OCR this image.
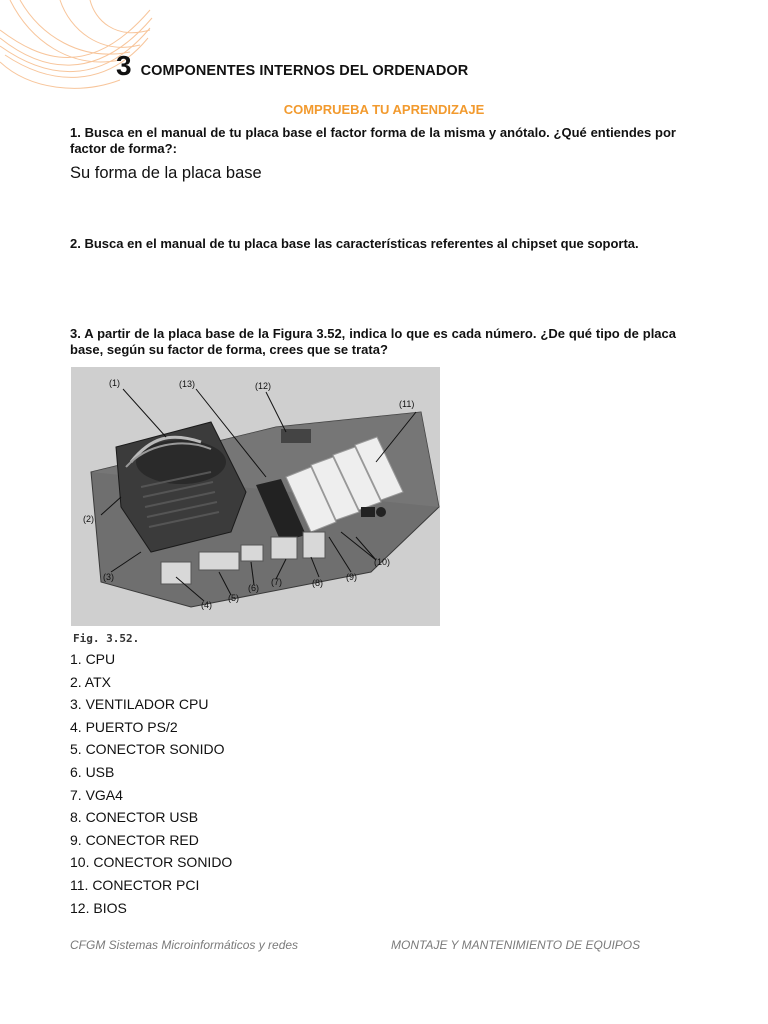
3 COMPONENTES INTERNOS DEL ORDENADOR
COMPRUEBA TU APRENDIZAJE
1. Busca en el manual de tu placa base el factor forma de la misma y anótalo. ¿Qué entiendes por factor de forma?:
Su forma de la placa base
2. Busca en el manual de tu placa base las características referentes al chipset que soporta.
3. A partir de la placa base de la Figura 3.52, indica lo que es cada número. ¿De qué tipo de placa base, según su factor de forma, crees que se trata?
(1)	(13)	(12)
(11)
(2)
(3)
(4)
(5)
(6)
(7)	(8)
(9)
(10)
Fig. 3.52.
1. CPU
2. ATX
3. VENTILADOR CPU
4. PUERTO PS/2
5. CONECTOR SONIDO
6. USB
7. VGA4
8. CONECTOR USB
9. CONECTOR RED
10. CONECTOR SONIDO
11. CONECTOR PCI
12. BIOS
CFGM Sistemas Microinformáticos y redes	MONTAJE Y MANTENIMIENTO DE EQUIPOS
